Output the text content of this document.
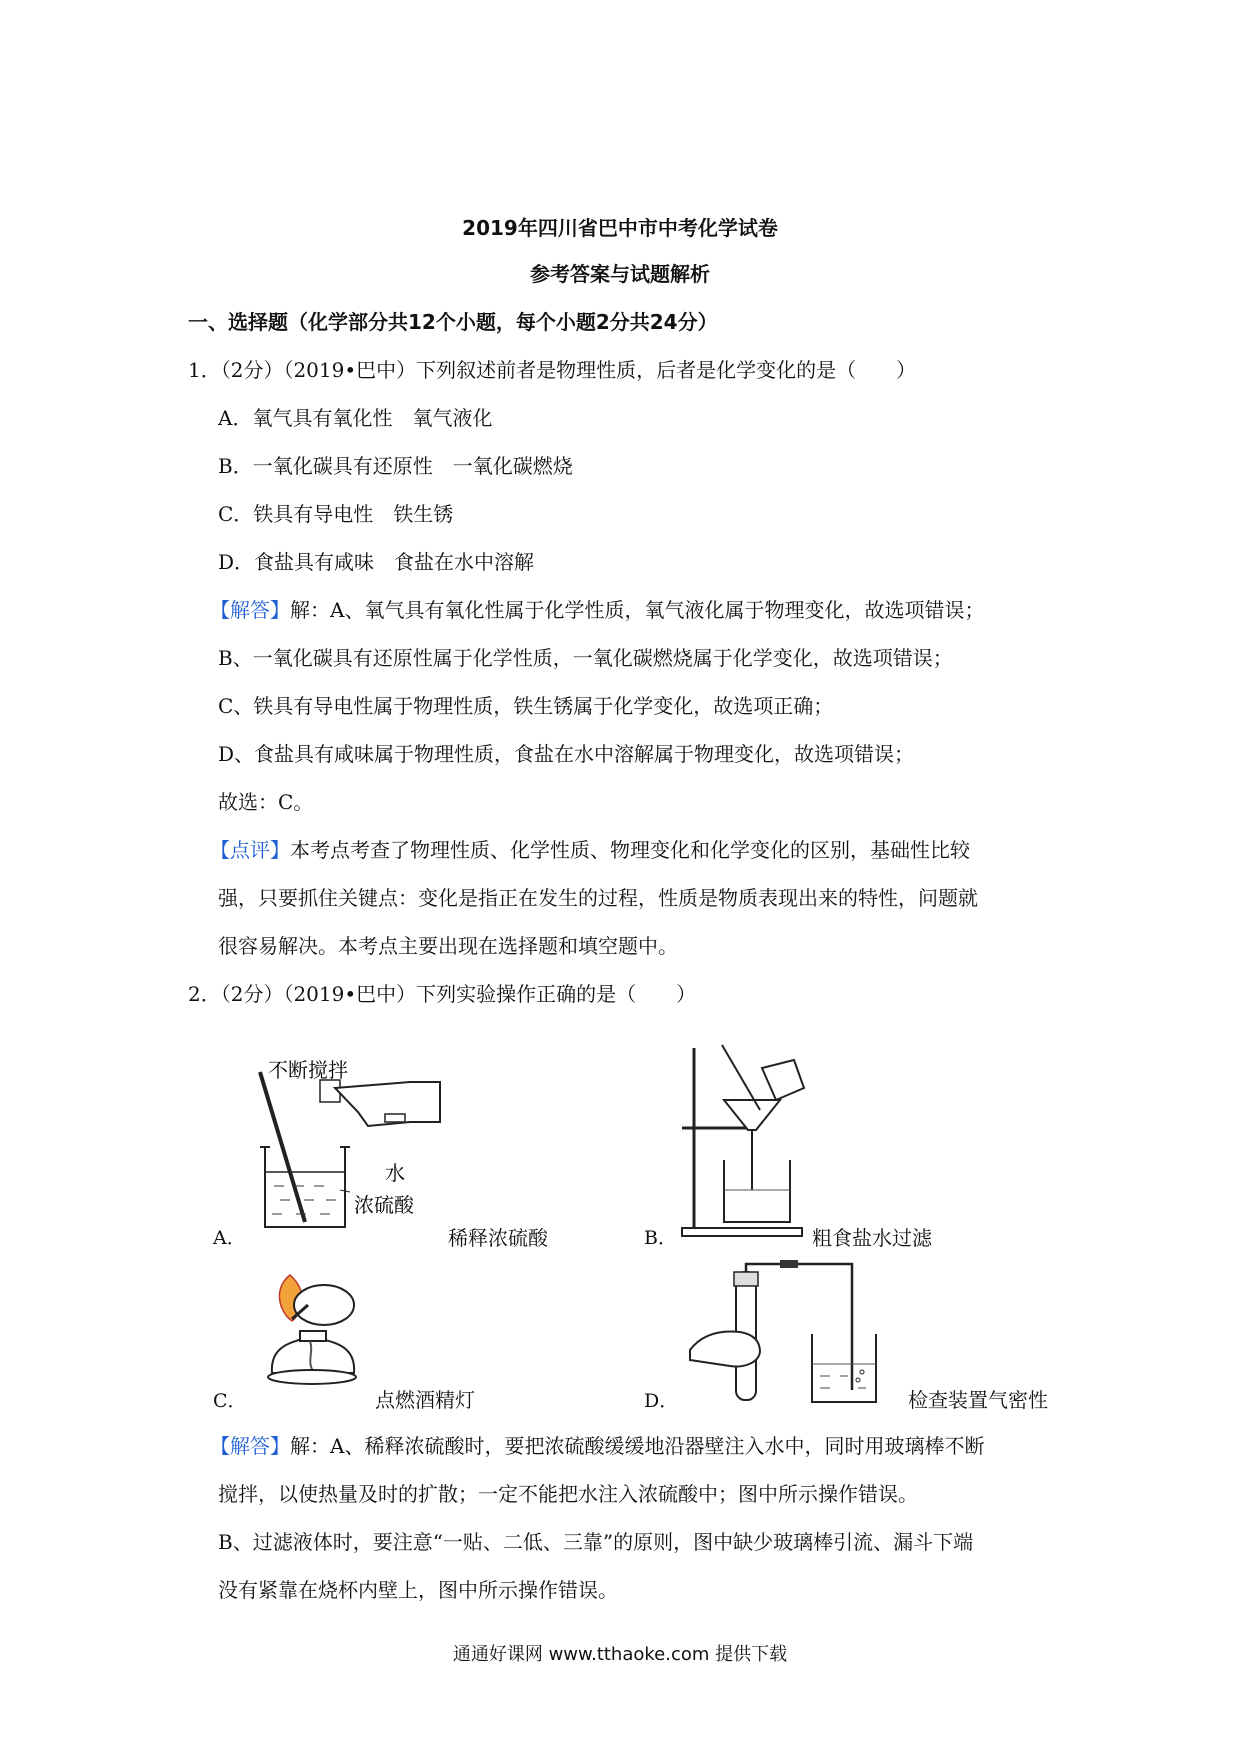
2019年四川省巴中市中考化学试卷
参考答案与试题解析
一、选择题（化学部分共12个小题，每个小题2分共24分）
1．（2分）（2019•巴中）下列叙述前者是物理性质，后者是化学变化的是（　　）
A．氧气具有氧化性　氧气液化
B．一氧化碳具有还原性　一氧化碳燃烧
C．铁具有导电性　铁生锈
D．食盐具有咸味　食盐在水中溶解
【解答】解：A、氧气具有氧化性属于化学性质，氧气液化属于物理变化，故选项错误；
B、一氧化碳具有还原性属于化学性质，一氧化碳燃烧属于化学变化，故选项错误；
C、铁具有导电性属于物理性质，铁生锈属于化学变化，故选项正确；
D、食盐具有咸味属于物理性质，食盐在水中溶解属于物理变化，故选项错误；
故选：C。
【点评】本考点考查了物理性质、化学性质、物理变化和化学变化的区别，基础性比较
强，只要抓住关键点：变化是指正在发生的过程，性质是物质表现出来的特性，问题就
很容易解决。本考点主要出现在选择题和填空题中。
2．（2分）（2019•巴中）下列实验操作正确的是（　　）
不断搅拌
水
浓硫酸
A．	稀释浓硫酸	B．	粗食盐水过滤
C．	点燃酒精灯	D．	检查装置气密性
【解答】解：A、稀释浓硫酸时，要把浓硫酸缓缓地沿器壁注入水中，同时用玻璃棒不断
搅拌，以使热量及时的扩散；一定不能把水注入浓硫酸中；图中所示操作错误。
B、过滤液体时，要注意“一贴、二低、三靠”的原则，图中缺少玻璃棒引流、漏斗下端
没有紧靠在烧杯内壁上，图中所示操作错误。
通通好课网 www.tthaoke.com 提供下载
